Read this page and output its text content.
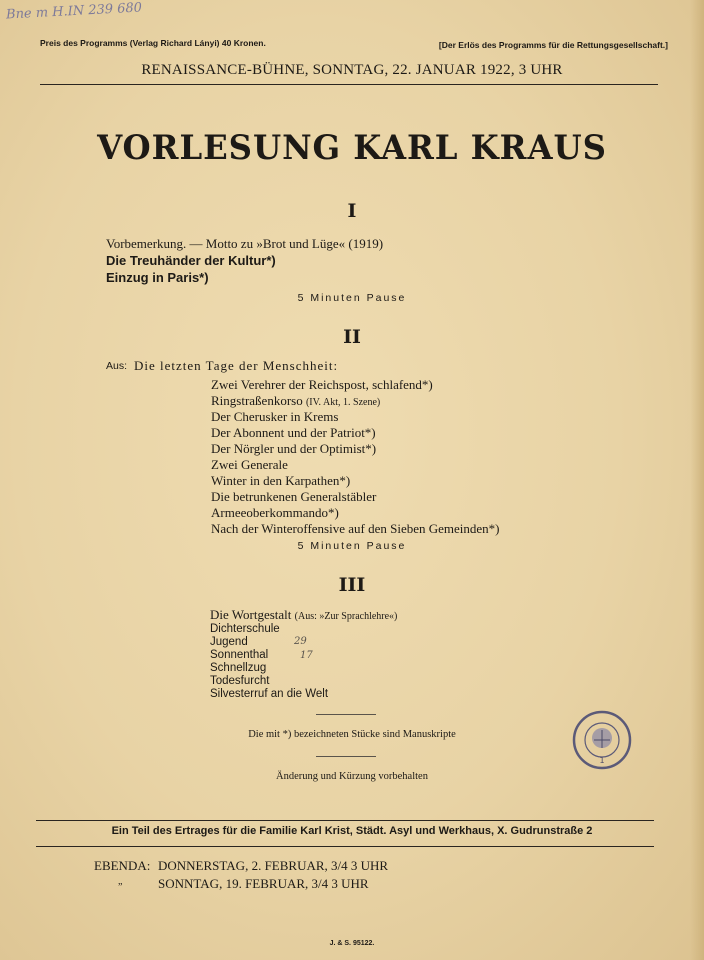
Bne m H.IN 239 680
Preis des Programms (Verlag Richard Lányi) 40 Kronen.	[Der Erlös des Programms für die Rettungsgesellschaft.]
RENAISSANCE-BÜHNE, SONNTAG, 22. JANUAR 1922, 3 UHR
VORLESUNG KARL KRAUS
I
Vorbemerkung. — Motto zu »Brot und Lüge« (1919)
Die Treuhänder der Kultur*)
Einzug in Paris*)
5 Minuten Pause
II
Aus: Die letzten Tage der Menschheit:
Zwei Verehrer der Reichspost, schlafend*)
Ringstraßenkorso (IV. Akt, 1. Szene)
Der Cherusker in Krems
Der Abonnent und der Patriot*)
Der Nörgler und der Optimist*)
Zwei Generale
Winter in den Karpathen*)
Die betrunkenen Generalstäbler
Armeeoberkommando*)
Nach der Winteroffensive auf den Sieben Gemeinden*)
5 Minuten Pause
III
Die Wortgestalt (Aus: »Zur Sprachlehre«)
Dichterschule
Jugend
Sonnenthal
Schnellzug
Todesfurcht
Silvesterruf an die Welt
29
17
Die mit *) bezeichneten Stücke sind Manuskripte
Änderung und Kürzung vorbehalten
1
Ein Teil des Ertrages für die Familie Karl Krist, Städt. Asyl und Werkhaus, X. Gudrunstraße 2
EBENDA: DONNERSTAG, 2. FEBRUAR, 3/4 3 UHR
„	SONNTAG, 19. FEBRUAR, 3/4 3 UHR
J. & S. 95122.
